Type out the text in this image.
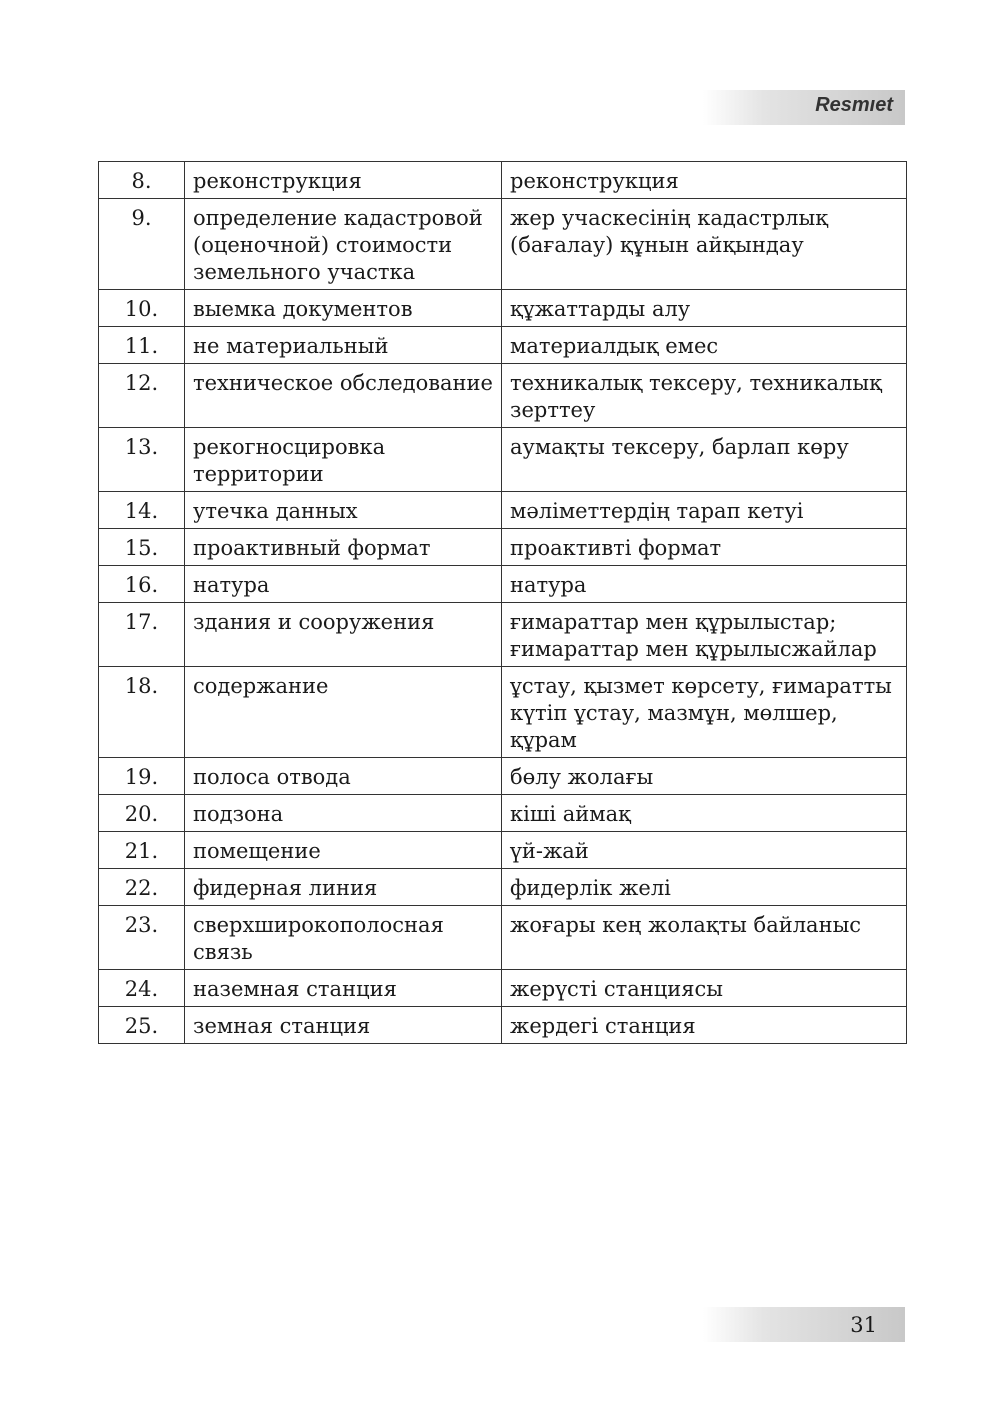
Resmıet
8.	реконструкция	реконструкция
9.	определение кадастровой (оценочной) стоимости земельного участка	жер учаскесінің кадастрлық (бағалау) құнын айқындау
10.	выемка документов	құжаттарды алу
11.	не материальный	материалдық емес
12.	техническое обследование	техникалық тексеру, техникалық зерттеу
13.	рекогносцировка территории	аумақты тексеру, барлап көру
14.	утечка данных	мәліметтердің тарап кетуі
15.	проактивный формат	проактивті формат
16.	натура	натура
17.	здания и сооружения	ғимараттар мен құрылыстар; ғимараттар мен құрылысжайлар
18.	содержание	ұстау, қызмет көрсету, ғимаратты күтіп ұстау, мазмұн, мөлшер, құрам
19.	полоса отвода	бөлу жолағы
20.	подзона	кіші аймақ
21.	помещение	үй-жай
22.	фидерная линия	фидерлік желі
23.	сверхширокополосная связь	жоғары кең жолақты байланыс
24.	наземная станция	жерүсті станциясы
25.	земная станция	жердегі станция
31
